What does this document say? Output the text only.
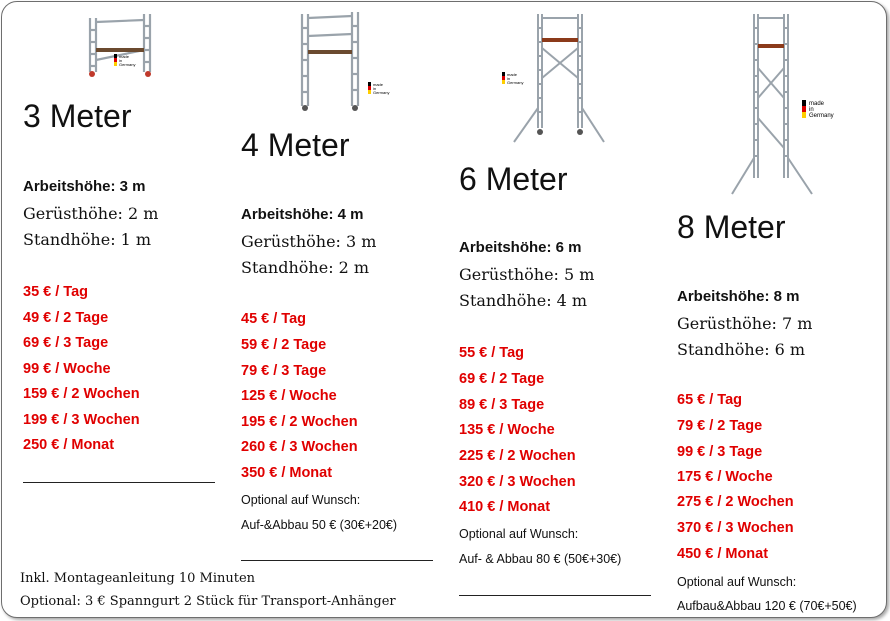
made
in
Germany
3 Meter
Arbeitshöhe: 3 m
Gerüsthöhe: 2 m
Standhöhe: 1 m
35 € / Tag
49 € / 2 Tage
69 € / 3 Tage
99 € / Woche
159 € / 2 Wochen
199 € / 3 Wochen
250 € / Monat
made
in
Germany
4 Meter
Arbeitshöhe: 4 m
Gerüsthöhe: 3 m
Standhöhe: 2 m
45 € / Tag
59 € / 2 Tage
79 € / 3 Tage
125 € / Woche
195 € / 2 Wochen
260 € / 3 Wochen
350 € / Monat
Optional auf Wunsch:
Auf-&Abbau 50 € (30€+20€)
made
in
Germany
6 Meter
Arbeitshöhe: 6 m
Gerüsthöhe: 5 m
Standhöhe: 4 m
55 € / Tag
69 € / 2 Tage
89 € / 3 Tage
135 € / Woche
225 € / 2 Wochen
320 € / 3 Wochen
410 € / Monat
Optional auf Wunsch:
Auf- & Abbau 80 € (50€+30€)
made
in
Germany
8 Meter
Arbeitshöhe: 8 m
Gerüsthöhe: 7 m
Standhöhe: 6 m
65 € / Tag
79 € / 2 Tage
99 € / 3 Tage
175 € / Woche
275 € / 2 Wochen
370 € / 3 Wochen
450 € / Monat
Optional auf Wunsch:
Aufbau&Abbau 120 € (70€+50€)
Inkl. Montageanleitung 10 Minuten
Optional: 3 € Spanngurt 2 Stück für Transport-Anhänger
